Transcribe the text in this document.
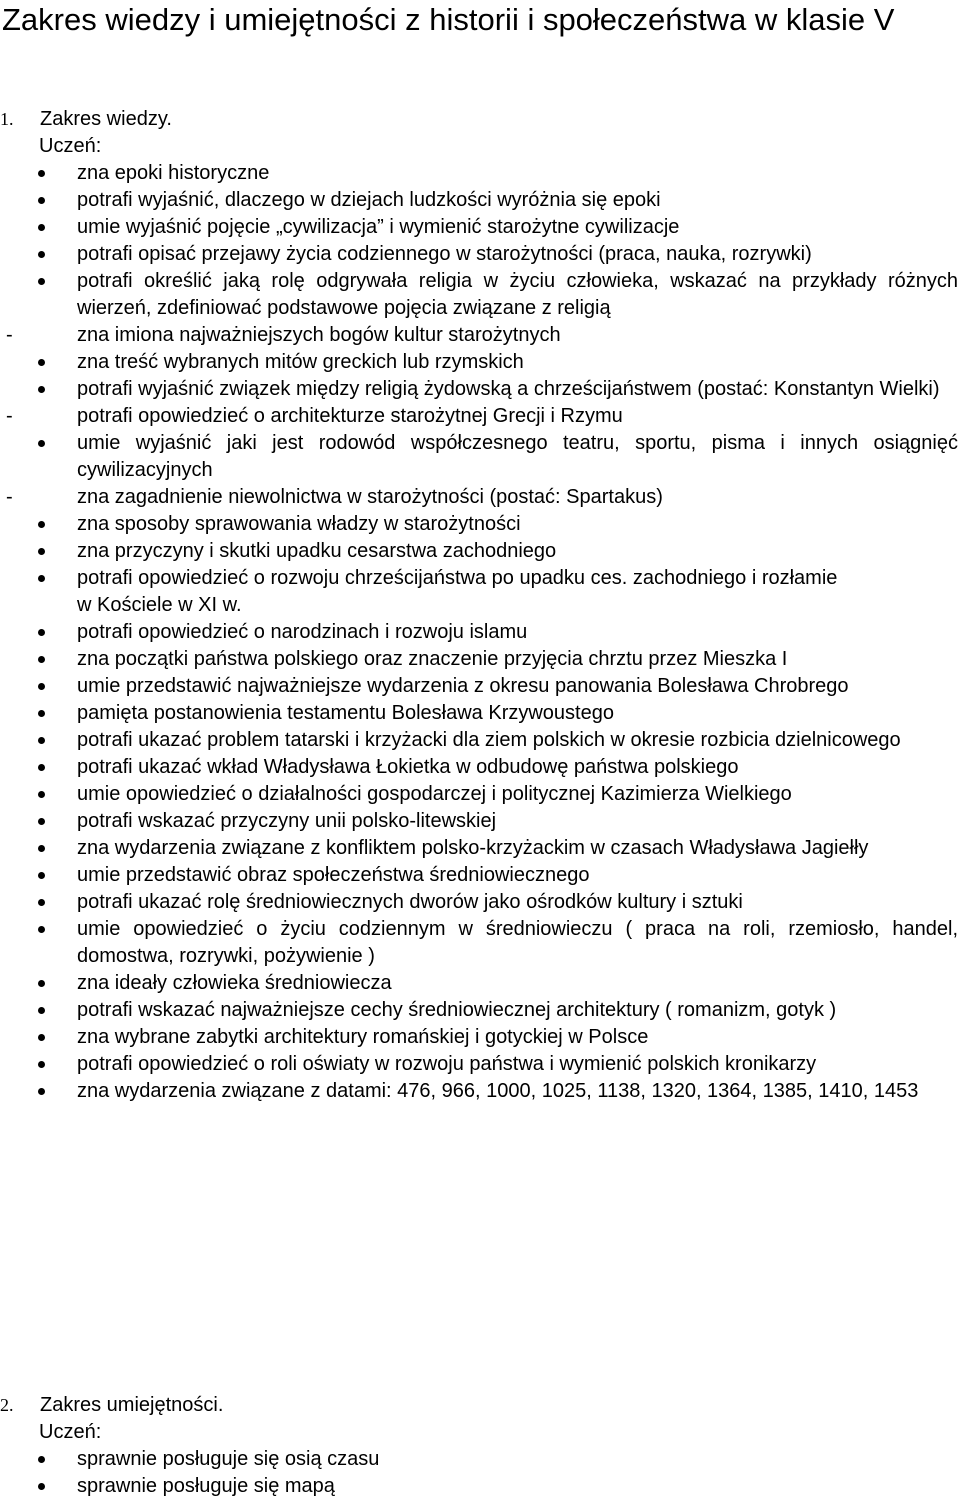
Zakres wiedzy i umiejętności z historii i społeczeństwa w klasie V
1. Zakres wiedzy.
Uczeń:
zna epoki historyczne
potrafi wyjaśnić, dlaczego w dziejach ludzkości wyróżnia się epoki
umie wyjaśnić pojęcie „cywilizacja” i wymienić starożytne cywilizacje
potrafi opisać przejawy życia codziennego w starożytności (praca, nauka, rozrywki)
potrafi określić jaką rolę odgrywała religia w życiu człowieka, wskazać na przykłady różnych wierzeń, zdefiniować podstawowe pojęcia związane z religią
-	zna imiona najważniejszych bogów kultur starożytnych
zna treść wybranych mitów greckich lub rzymskich
potrafi wyjaśnić związek między religią żydowską a chrześcijaństwem (postać: Konstantyn Wielki)
-	potrafi opowiedzieć o architekturze starożytnej Grecji i Rzymu
umie wyjaśnić jaki jest rodowód współczesnego teatru, sportu, pisma i innych osiągnięć cywilizacyjnych
-	zna zagadnienie niewolnictwa w starożytności (postać: Spartakus)
zna sposoby sprawowania władzy w starożytności
zna przyczyny i skutki upadku cesarstwa zachodniego
potrafi opowiedzieć o rozwoju chrześcijaństwa po upadku ces. zachodniego i rozłamie
w Kościele w XI w.
potrafi opowiedzieć o narodzinach i rozwoju islamu
zna początki państwa polskiego oraz znaczenie przyjęcia chrztu przez Mieszka I
umie przedstawić najważniejsze wydarzenia z okresu panowania Bolesława Chrobrego
pamięta postanowienia testamentu Bolesława Krzywoustego
potrafi ukazać problem tatarski i krzyżacki dla ziem polskich w okresie rozbicia dzielnicowego
potrafi ukazać wkład Władysława Łokietka w odbudowę państwa polskiego
umie opowiedzieć o działalności gospodarczej i politycznej Kazimierza Wielkiego
potrafi wskazać przyczyny unii polsko-litewskiej
zna wydarzenia związane z konfliktem polsko-krzyżackim w czasach Władysława Jagiełły
umie przedstawić obraz społeczeństwa średniowiecznego
potrafi ukazać rolę średniowiecznych dworów jako ośrodków kultury i sztuki
umie opowiedzieć o życiu codziennym w średniowieczu ( praca na roli, rzemiosło, handel, domostwa, rozrywki, pożywienie )
zna ideały człowieka średniowiecza
potrafi wskazać najważniejsze cechy średniowiecznej architektury ( romanizm, gotyk )
zna wybrane zabytki architektury romańskiej i gotyckiej w Polsce
potrafi opowiedzieć o roli oświaty w rozwoju państwa i wymienić polskich kronikarzy
zna wydarzenia związane z datami: 476, 966, 1000, 1025, 1138, 1320, 1364, 1385, 1410, 1453
2. Zakres umiejętności.
Uczeń:
sprawnie posługuje się osią czasu
sprawnie posługuje się mapą
